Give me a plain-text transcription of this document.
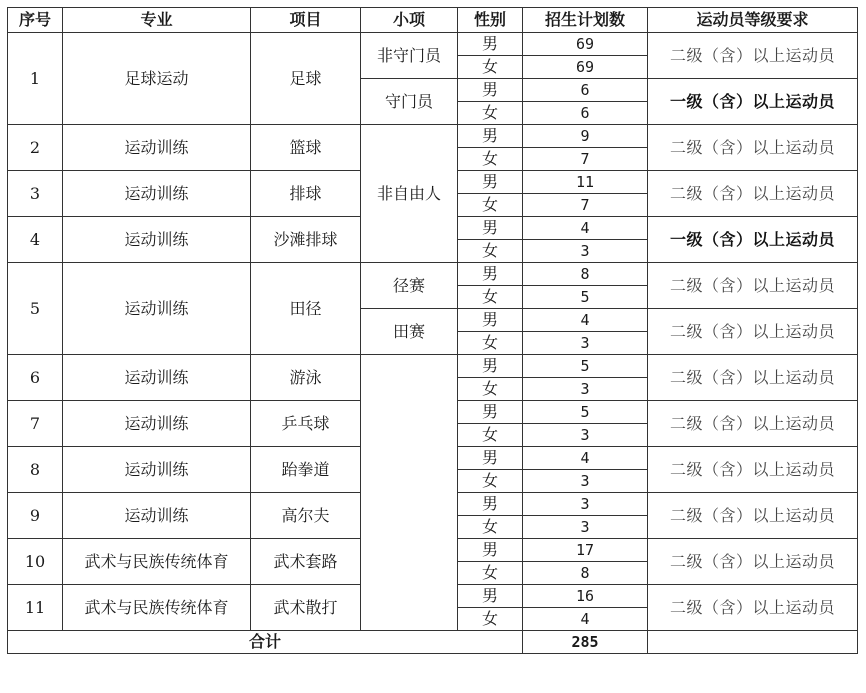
序号	专业	项目	小项	性别	招生计划数	运动员等级要求
1	足球运动	足球	非守门员	男	69	二级（含）以上运动员
				女	69	
			守门员	男	6	一级（含）以上运动员
				女	6	
2	运动训练	篮球	非自由人	男	9	二级（含）以上运动员
				女	7	
3	运动训练	排球		男	11	二级（含）以上运动员
				女	7	
4	运动训练	沙滩排球		男	4	一级（含）以上运动员
				女	3	
5	运动训练	田径	径赛	男	8	二级（含）以上运动员
				女	5	
			田赛	男	4	二级（含）以上运动员
				女	3	
6	运动训练	游泳		男	5	二级（含）以上运动员
				女	3	
7	运动训练	乒乓球		男	5	二级（含）以上运动员
				女	3	
8	运动训练	跆拳道		男	4	二级（含）以上运动员
				女	3	
9	运动训练	高尔夫		男	3	二级（含）以上运动员
				女	3	
10	武术与民族传统体育	武术套路		男	17	二级（含）以上运动员
				女	8	
11	武术与民族传统体育	武术散打		男	16	二级（含）以上运动员
				女	4	
合计					285	
